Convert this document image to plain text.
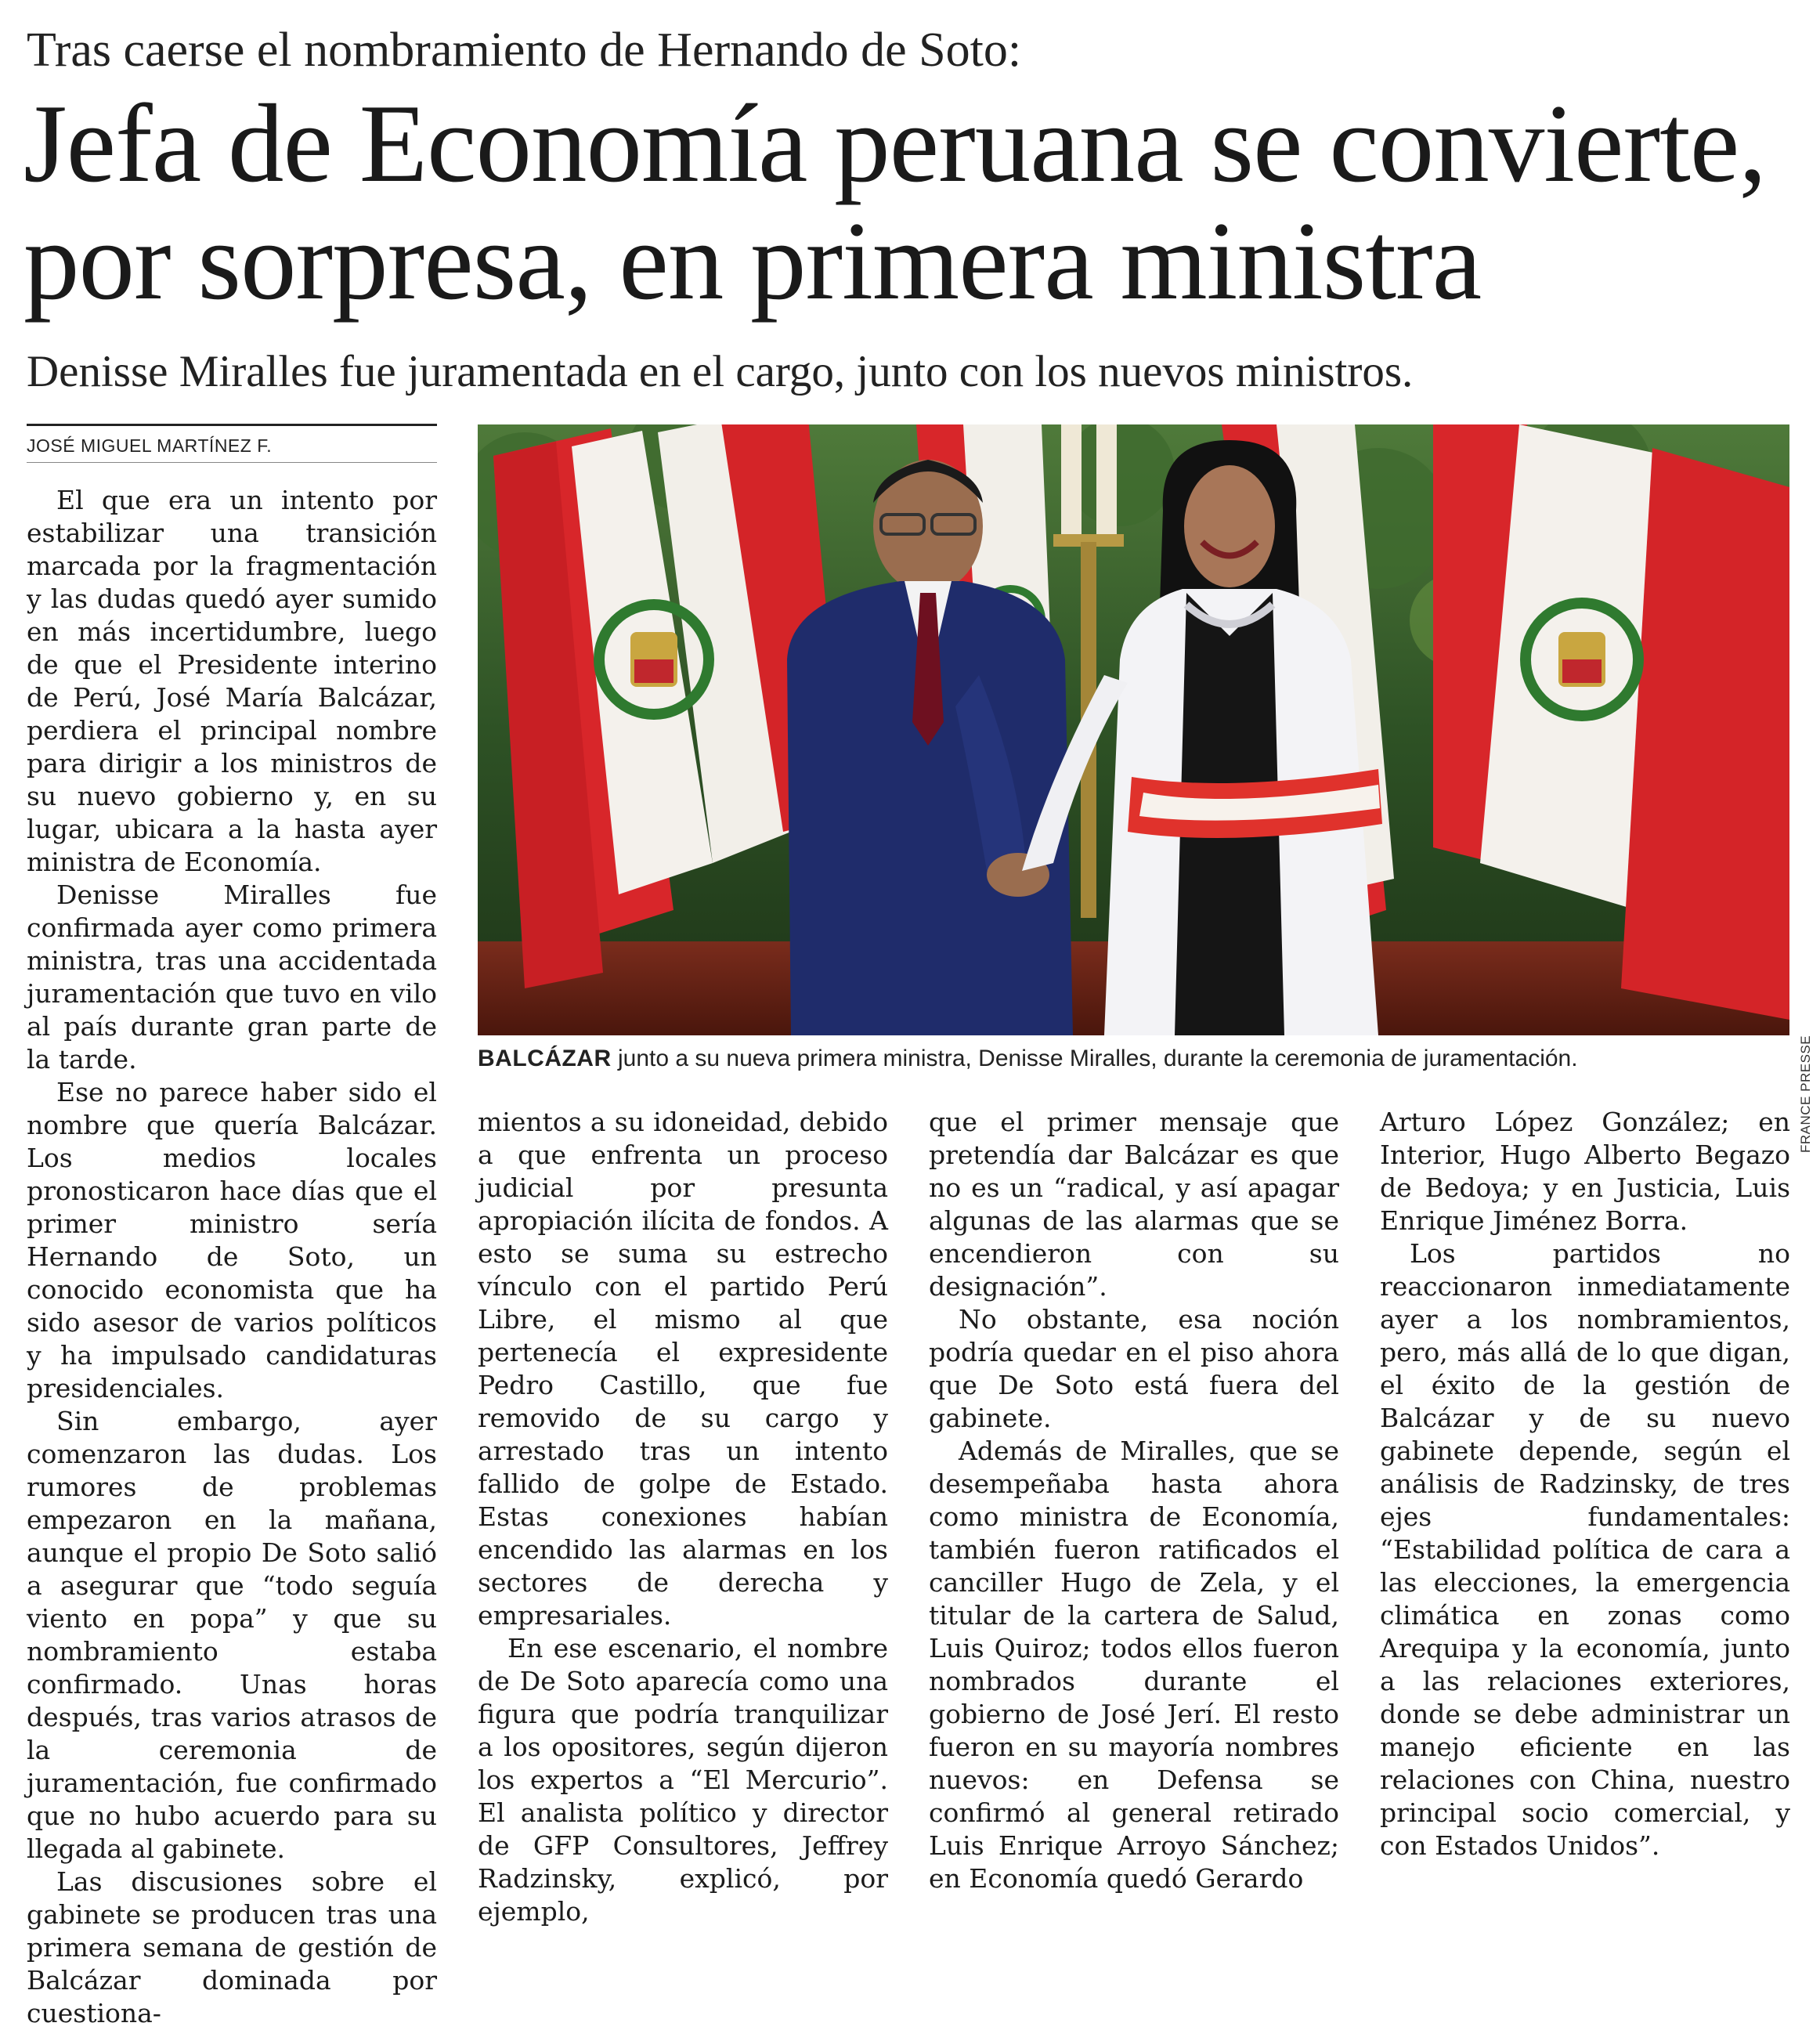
Tras caerse el nombramiento de Hernando de Soto:
Jefa de Economía peruana se convierte,
por sorpresa, en primera ministra
Denisse Miralles fue juramentada en el cargo, junto con los nuevos ministros.
JOSÉ MIGUEL MARTÍNEZ F.
FRANCE PRESSE
BALCÁZAR junto a su nueva primera ministra, Denisse Miralles, durante la ceremonia de juramentación.

El que era un intento por estabilizar una transición marcada por la fragmentación y las dudas quedó ayer sumido en más incertidumbre, luego de que el Presidente interino de Perú, José María Balcázar, perdiera el principal nombre para dirigir a los ministros de su nuevo gobierno y, en su lugar, ubicara a la hasta ayer ministra de Economía.

Denisse Miralles fue confirmada ayer como primera ministra, tras una accidentada juramentación que tuvo en vilo al país durante gran parte de la tarde.

Ese no parece haber sido el nombre que quería Balcázar. Los medios locales pronosticaron hace días que el primer ministro sería Hernando de Soto, un conocido economista que ha sido asesor de varios políticos y ha impulsado candidaturas presidenciales.

Sin embargo, ayer comenzaron las dudas. Los rumores de problemas empezaron en la mañana, aunque el propio De Soto salió a asegurar que “todo seguía viento en popa” y que su nombramiento estaba confirmado. Unas horas después, tras varios atrasos de la ceremonia de juramentación, fue confirmado que no hubo acuerdo para su llegada al gabinete.

Las discusiones sobre el gabinete se producen tras una primera semana de gestión de Balcázar dominada por cuestiona-

mientos a su idoneidad, debido a que enfrenta un proceso judicial por presunta apropiación ilícita de fondos. A esto se suma su estrecho vínculo con el partido Perú Libre, el mismo al que pertenecía el expresidente Pedro Castillo, que fue removido de su cargo y arrestado tras un intento fallido de golpe de Estado. Estas conexiones habían encendido las alarmas en los sectores de derecha y empresariales.

En ese escenario, el nombre de De Soto aparecía como una figura que podría tranquilizar a los opositores, según dijeron los expertos a “El Mercurio”. El analista político y director de GFP Consultores, Jeffrey Radzinsky, explicó, por ejemplo,

que el primer mensaje que pretendía dar Balcázar es que no es un “radical, y así apagar algunas de las alarmas que se encendieron con su designación”.

No obstante, esa noción podría quedar en el piso ahora que De Soto está fuera del gabinete.

Además de Miralles, que se desempeñaba hasta ahora como ministra de Economía, también fueron ratificados el canciller Hugo de Zela, y el titular de la cartera de Salud, Luis Quiroz; todos ellos fueron nombrados durante el gobierno de José Jerí. El resto fueron en su mayoría nombres nuevos: en Defensa se confirmó al general retirado Luis Enrique Arroyo Sánchez; en Economía quedó Gerardo

Arturo López González; en Interior, Hugo Alberto Begazo de Bedoya; y en Justicia, Luis Enrique Jiménez Borra.

Los partidos no reaccionaron inmediatamente ayer a los nombramientos, pero, más allá de lo que digan, el éxito de la gestión de Balcázar y de su nuevo gabinete depende, según el análisis de Radzinsky, de tres ejes fundamentales: “Estabilidad política de cara a las elecciones, la emergencia climática en zonas como Arequipa y la economía, junto a las relaciones exteriores, donde se debe administrar un manejo eficiente en las relaciones con China, nuestro principal socio comercial, y con Estados Unidos”.
